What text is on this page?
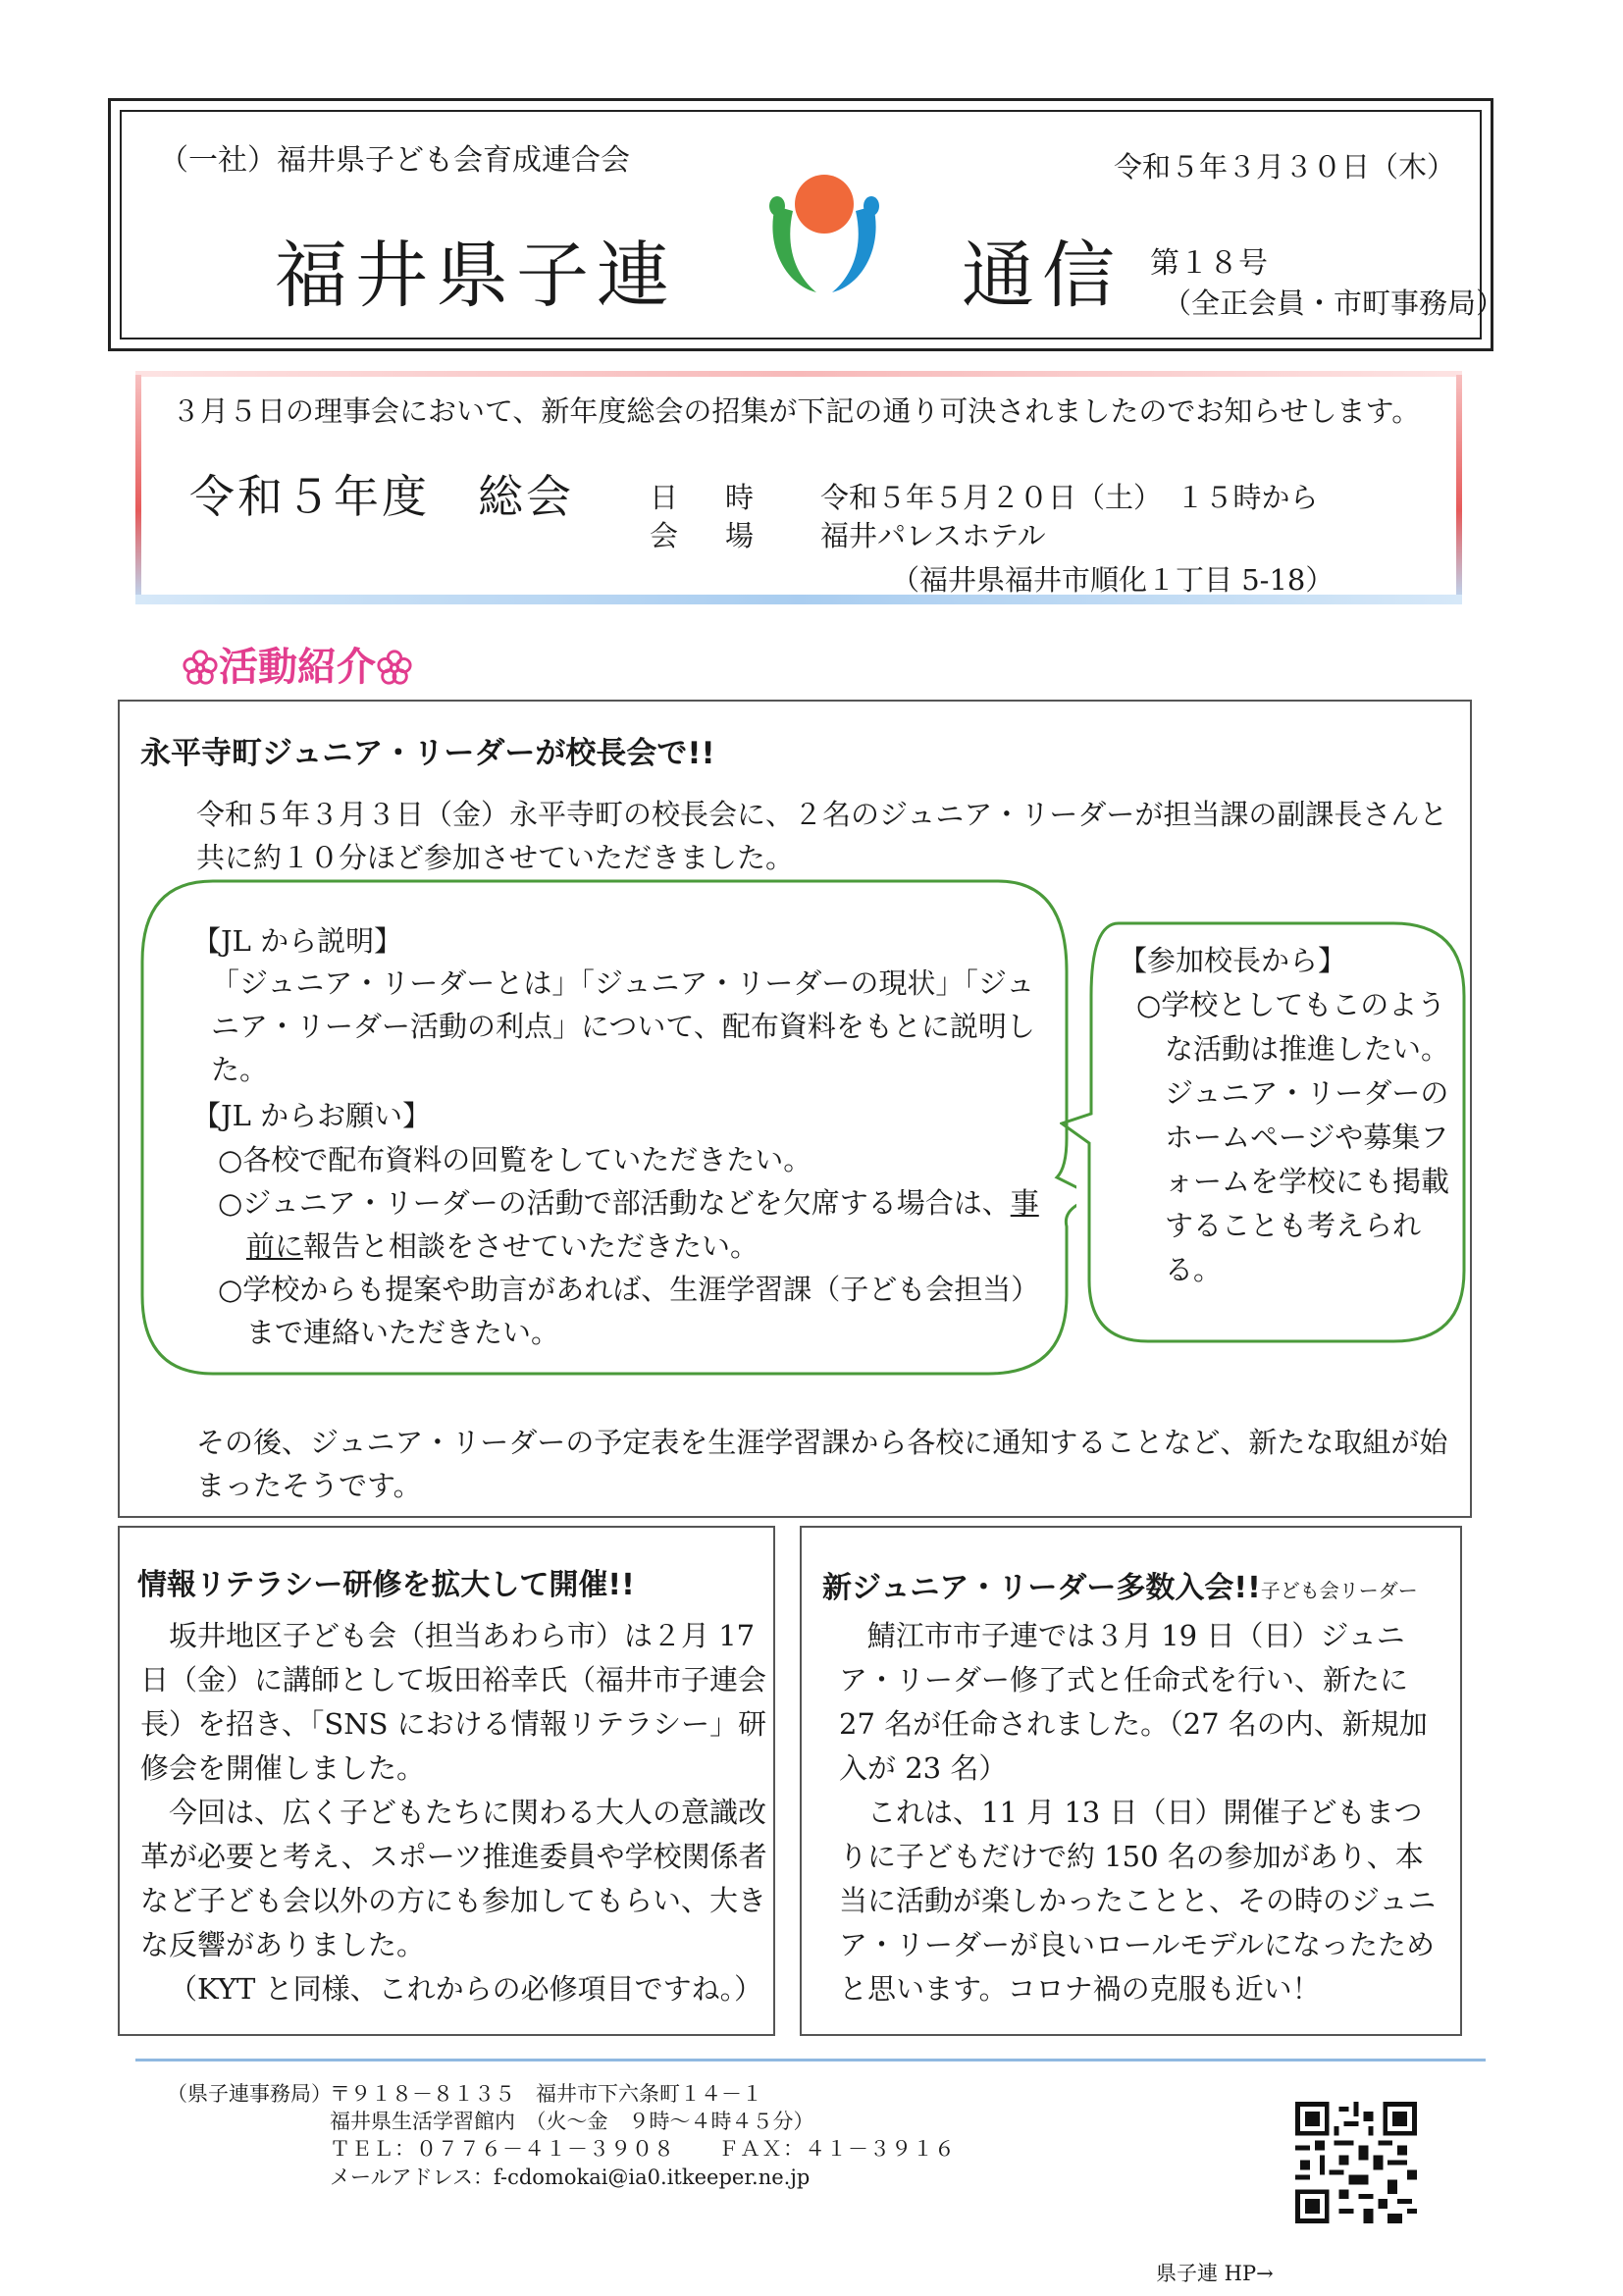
（一社）福井県子ども会育成連合会	令和５年３月３０日（木）
福井県子連	通信 第１８号
（全正会員・市町事務局）
３月５日の理事会において、新年度総会の招集が下記の通り可決されましたのでお知らせします。
令和５年度　総会	日時 令和５年５月２０日（土）　１５時から
会場 福井パレスホテル
（福井県福井市順化１丁目 5-18）
活動紹介
永平寺町ジュニア・リーダーが校長会で!!
令和５年３月３日（金）永平寺町の校長会に、２名のジュニア・リーダーが担当課の副課長さんと共に約１０分ほど参加させていただきました。
【JL から説明】
「ジュニア・リーダーとは」「ジュニア・リーダーの現状」「ジュニア・リーダー活動の利点」について、配布資料をもとに説明した。
【JL からお願い】
○各校で配布資料の回覧をしていただきたい。
○ジュニア・リーダーの活動で部活動などを欠席する場合は、事前に報告と相談をさせていただきたい。
○学校からも提案や助言があれば、生涯学習課（子ども会担当）まで連絡いただきたい。
【参加校長から】
○学校としてもこのような活動は推進したい。ジュニア・リーダーのホームページや募集フォームを学校にも掲載することも考えられる。
その後、ジュニア・リーダーの予定表を生涯学習課から各校に通知することなど、新たな取組が始まったそうです。
情報リテラシー研修を拡大して開催!!
坂井地区子ども会（担当あわら市）は２月 17 日（金）に講師として坂田裕幸氏（福井市子連会長）を招き、「SNS における情報リテラシー」研修会を開催しました。
今回は、広く子どもたちに関わる大人の意識改革が必要と考え、スポーツ推進委員や学校関係者など子ども会以外の方にも参加してもらい、大きな反響がありました。
（KYT と同様、これからの必修項目ですね。）
新ジュニア・リーダー多数入会!!子ども会リーダー
鯖江市市子連では３月 19 日（日）ジュニア・リーダー修了式と任命式を行い、新たに 27 名が任命されました。（27 名の内、新規加入が 23 名）
これは、11 月 13 日（日）開催子どもまつりに子どもだけで約 150 名の参加があり、本当に活動が楽しかったことと、その時のジュニア・リーダーが良いロールモデルになったためと思います。コロナ禍の克服も近い！
（県子連事務局）
〒９１８－８１３５　福井市下六条町１４－１
福井県生活学習館内　（火～金　９時～４時４５分）
ＴＥＬ：０７７６－４１－３９０８　　ＦＡＸ：４１－３９１６
メールアドレス：f-cdomokai@ia0.itkeeper.ne.jp
県子連 HP→
